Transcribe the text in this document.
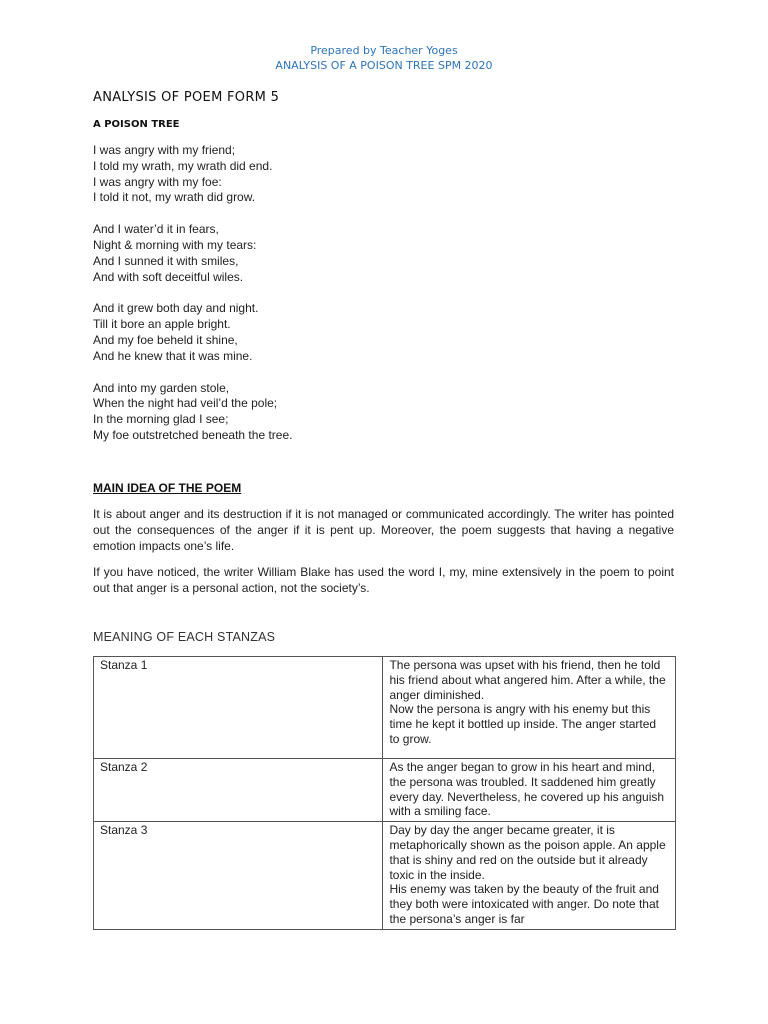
Prepared by Teacher Yoges
ANALYSIS OF A POISON TREE SPM 2020
ANALYSIS OF POEM FORM 5
A POISON TREE
I was angry with my friend;
I told my wrath, my wrath did end.
I was angry with my foe:
I told it not, my wrath did grow.
And I water’d it in fears,
Night & morning with my tears:
And I sunned it with smiles,
And with soft deceitful wiles.
And it grew both day and night.
Till it bore an apple bright.
And my foe beheld it shine,
And he knew that it was mine.
And into my garden stole,
When the night had veil’d the pole;
In the morning glad I see;
My foe outstretched beneath the tree.
MAIN IDEA OF THE POEM

It is about anger and its destruction if it is not managed or communicated accordingly. The writer has pointed out the consequences of the anger if it is pent up. Moreover, the poem suggests that having a negative emotion impacts one’s life.

If you have noticed, the writer William Blake has used the word I, my, mine extensively in the poem to point out that anger is a personal action, not the society’s.

MEANING OF EACH STANZAS
Stanza 1	The persona was upset with his friend, then he told his friend about what angered him. After a while, the anger diminished.
Now the persona is angry with his enemy but this time he kept it bottled up inside. The anger started to grow.
Stanza 2	As the anger began to grow in his heart and mind, the persona was troubled. It saddened him greatly every day. Nevertheless, he covered up his anguish with a smiling face.
Stanza 3	Day by day the anger became greater, it is metaphorically shown as the poison apple. An apple that is shiny and red on the outside but it already toxic in the inside.
His enemy was taken by the beauty of the fruit and they both were intoxicated with anger. Do note that the persona’s anger is far
